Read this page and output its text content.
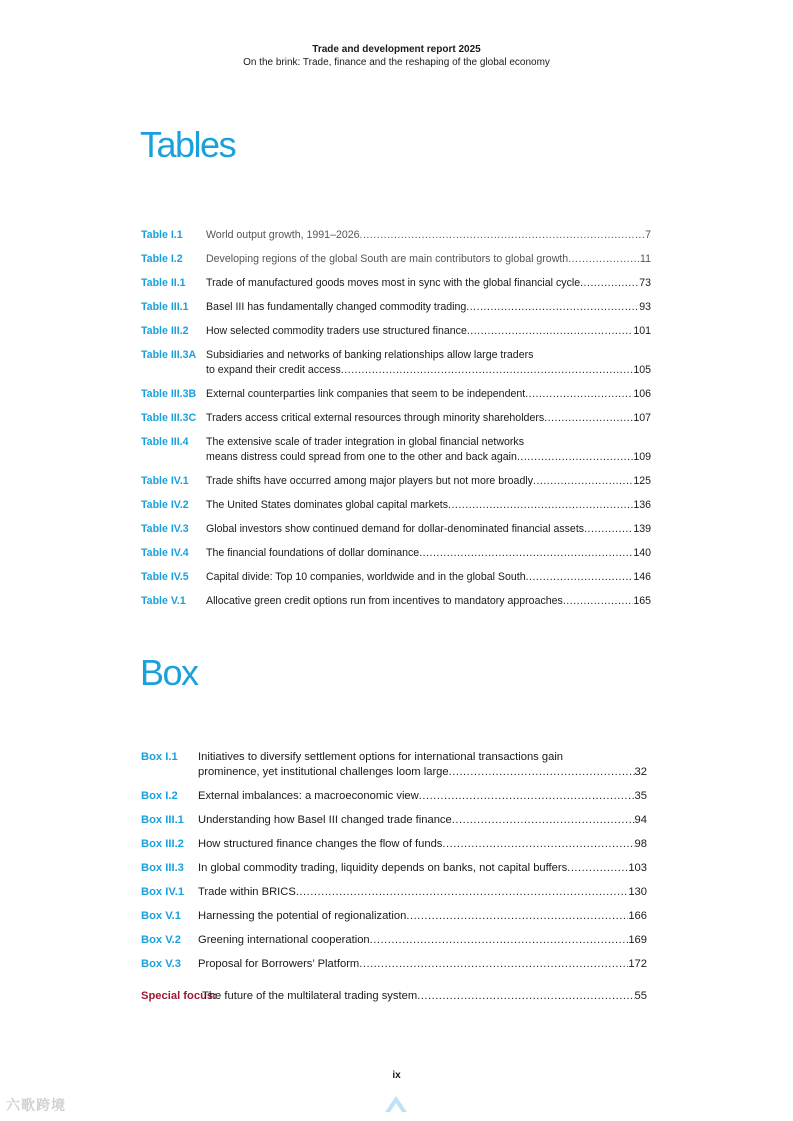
Trade and development report 2025
On the brink: Trade, finance and the reshaping of the global economy
Tables
Table I.1	World output growth, 1991–2026 .....	7
Table I.2	Developing regions of the global South are main contributors to global growth .....	11
Table II.1	Trade of manufactured goods moves most in sync with the global financial cycle .....	73
Table III.1	Basel III has fundamentally changed commodity trading .....	93
Table III.2	How selected commodity traders use structured finance .....	101
Table III.3A Subsidiaries and networks of banking relationships allow large traders
to expand their credit access .....	105
Table III.3B External counterparties link companies that seem to be independent .....	106
Table III.3C Traders access critical external resources through minority shareholders .....	107
Table III.4	The extensive scale of trader integration in global financial networks
means distress could spread from one to the other and back again .....	109
Table IV.1	Trade shifts have occurred among major players but not more broadly .....	125
Table IV.2	The United States dominates global capital markets .....	136
Table IV.3	Global investors show continued demand for dollar-denominated financial assets .....	139
Table IV.4	The financial foundations of dollar dominance .....	140
Table IV.5	Capital divide: Top 10 companies, worldwide and in the global South .....	146
Table V.1	Allocative green credit options run from incentives to mandatory approaches .....	165
Box
Box I.1	Initiatives to diversify settlement options for international transactions gain
prominence, yet institutional challenges loom large .....	32
Box I.2	External imbalances: a macroeconomic view .....	35
Box III.1	Understanding how Basel III changed trade finance .....	94
Box III.2	How structured finance changes the flow of funds .....	98
Box III.3	In global commodity trading, liquidity depends on banks, not capital buffers .....	103
Box IV.1	Trade within BRICS .....	130
Box V.1	Harnessing the potential of regionalization .....	166
Box V.2	Greening international cooperation .....	169
Box V.3	Proposal for Borrowers’ Platform .....	172
Special focus:
The future of the multilateral trading system .....	55
ix
六歌跨境
